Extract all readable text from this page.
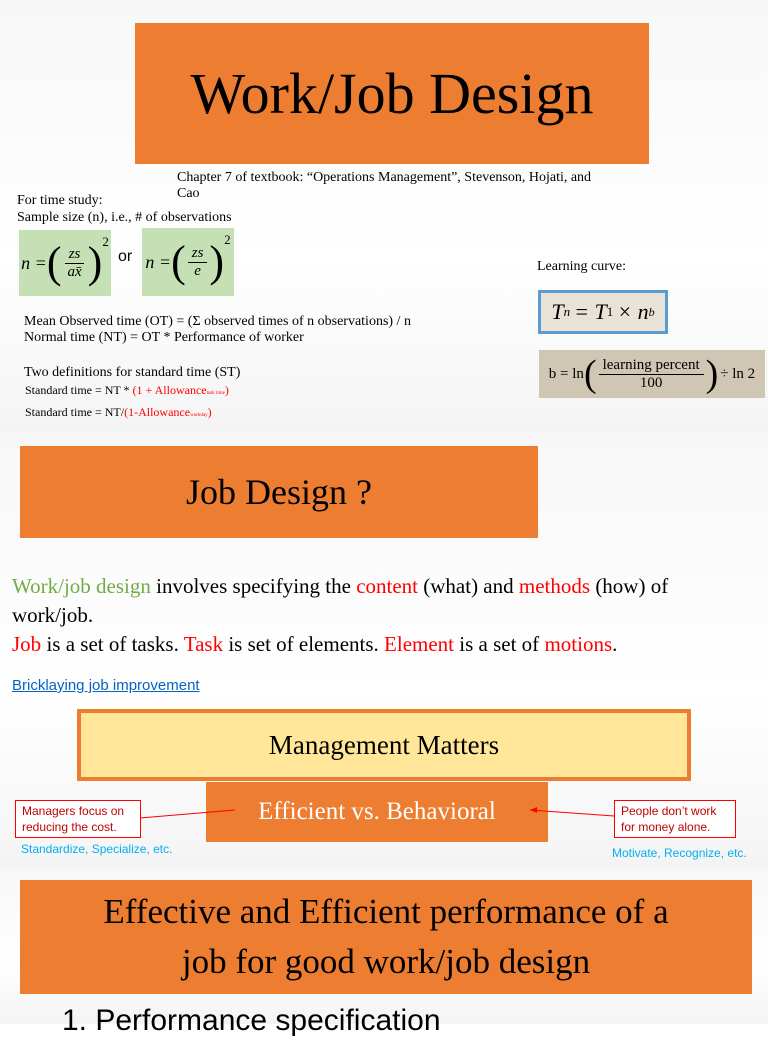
Work/Job Design
Chapter 7 of textbook: “Operations Management”, Stevenson, Hojati, and Cao
For time study:
Sample size (n), i.e., # of observations
n = ( $\frac{zs}{ax̄} )^2$
or n = ( $\frac{zs}{e} )^2$
Mean Observed time (OT) = (Σ observed times of n observations) / n
Normal time (NT) = OT * Performance of worker
Two definitions for standard time (ST)
Standard time = NT * (1 + Allowancetask time)
Standard time = NT/(1-Allowanceworkday)
Learning curve:
T n = T 1 × n b
b = ln ( $\frac{\text{learning percent}}{100}$ ) ÷ ln 2
Job Design ?
Work/job design involves specifying the content (what) and methods (how) of work/job.
Job is a set of tasks. Task is set of elements. Element is a set of motions.
Bricklaying job improvement
Management Matters
Efficient vs. Behavioral
Managers focus on
reducing the cost.
Standardize, Specialize, etc.
People don’t work
for money alone.
Motivate, Recognize, etc.
Effective and Efficient performance of a
job for good work/job design
1. Performance specification
